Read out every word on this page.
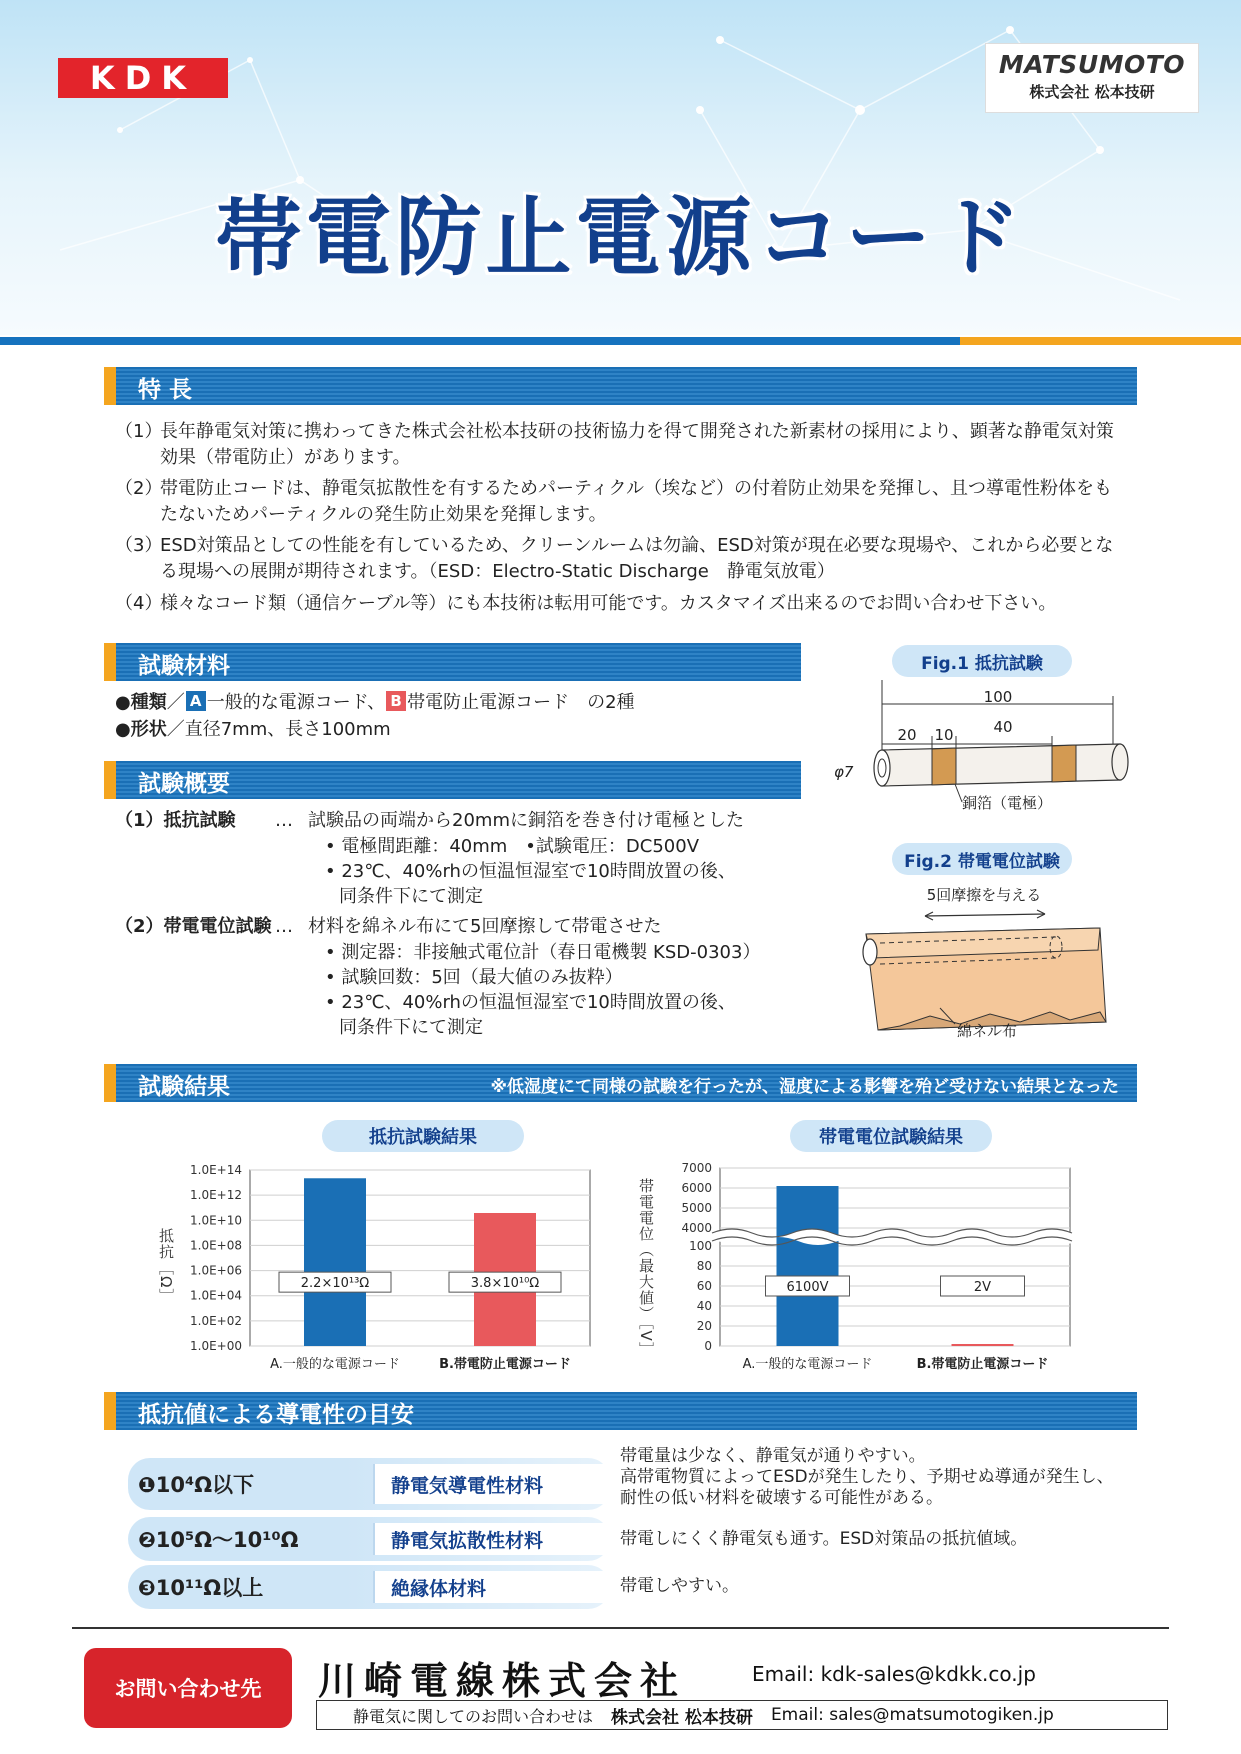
KDK	MATSUMOTO
株式会社 松本技研
帯電防止電源コード
特 長
（1）
長年静電気対策に携わってきた株式会社松本技研の技術協力を得て開発された新素材の採用により、顕著な静電気対策効果（帯電防止）があります。
（2）
帯電防止コードは、静電気拡散性を有するためパーティクル（埃など）の付着防止効果を発揮し、且つ導電性粉体をもたないためパーティクルの発生防止効果を発揮します。
（3）
ESD対策品としての性能を有しているため、クリーンルームは勿論、ESD対策が現在必要な現場や、これから必要となる現場への展開が期待されます。（ESD：Electro-Static Discharge　静電気放電）
（4）
様々なコード類（通信ケーブル等）にも本技術は転用可能です。カスタマイズ出来るのでお問い合わせ下さい。
試験材料
●種類／ A 一般的な電源コード、 B 帯電防止電源コード　の2種
●形状／直径7mm、長さ100mm
試験概要
（1）抵抗試験 … 試験品の両端から20mmに銅箔を巻き付け電極とした
• 電極間距離：40mm　•試験電圧：DC500V
• 23℃、40%rhの恒温恒湿室で10時間放置の後、
同条件下にて測定
（2）帯電電位試験 … 材料を綿ネル布にて5回摩擦して帯電させた
• 測定器：非接触式電位計（春日電機製 KSD-0303）
• 試験回数：5回（最大値のみ抜粋）
• 23℃、40%rhの恒温恒湿室で10時間放置の後、
同条件下にて測定
Fig.1 抵抗試験
100
20 10	40
φ7
銅箔（電極）
Fig.2 帯電電位試験
5回摩擦を与える
綿ネル布
試験結果	※低湿度にて同様の試験を行ったが、湿度による影響を殆ど受けない結果となった
抵抗試験結果
抵抗［Ω］
1.0E+00
1.0E+02
1.0E+04
1.0E+06
1.0E+08
1.0E+10
1.0E+12
1.0E+14
2.2×10¹³Ω
A.一般的な電源コード
3.8×10¹⁰Ω
B.帯電防止電源コード
帯電電位試験結果
帯電電位（最大値）［V］	0
20
40
60
80
100
4000
5000
6000
7000
6100V
A.一般的な電源コード
2V
B.帯電防止電源コード
抵抗値による導電性の目安
❶10⁴Ω以下	静電気導電性材料
帯電量は少なく、静電気が通りやすい。
高帯電物質によってESDが発生したり、予期せぬ導通が発生し、
耐性の低い材料を破壊する可能性がある。
❷10⁵Ω〜10¹⁰Ω	静電気拡散性材料	帯電しにくく静電気も通す。ESD対策品の抵抗値域。
❸10¹¹Ω以上	絶縁体材料	帯電しやすい。
お問い合わせ先	川崎電線株式会社	Email: kdk-sales@kdkk.co.jp
静電気に関してのお問い合わせは 株式会社 松本技研 Email: sales@matsumotogiken.jp
